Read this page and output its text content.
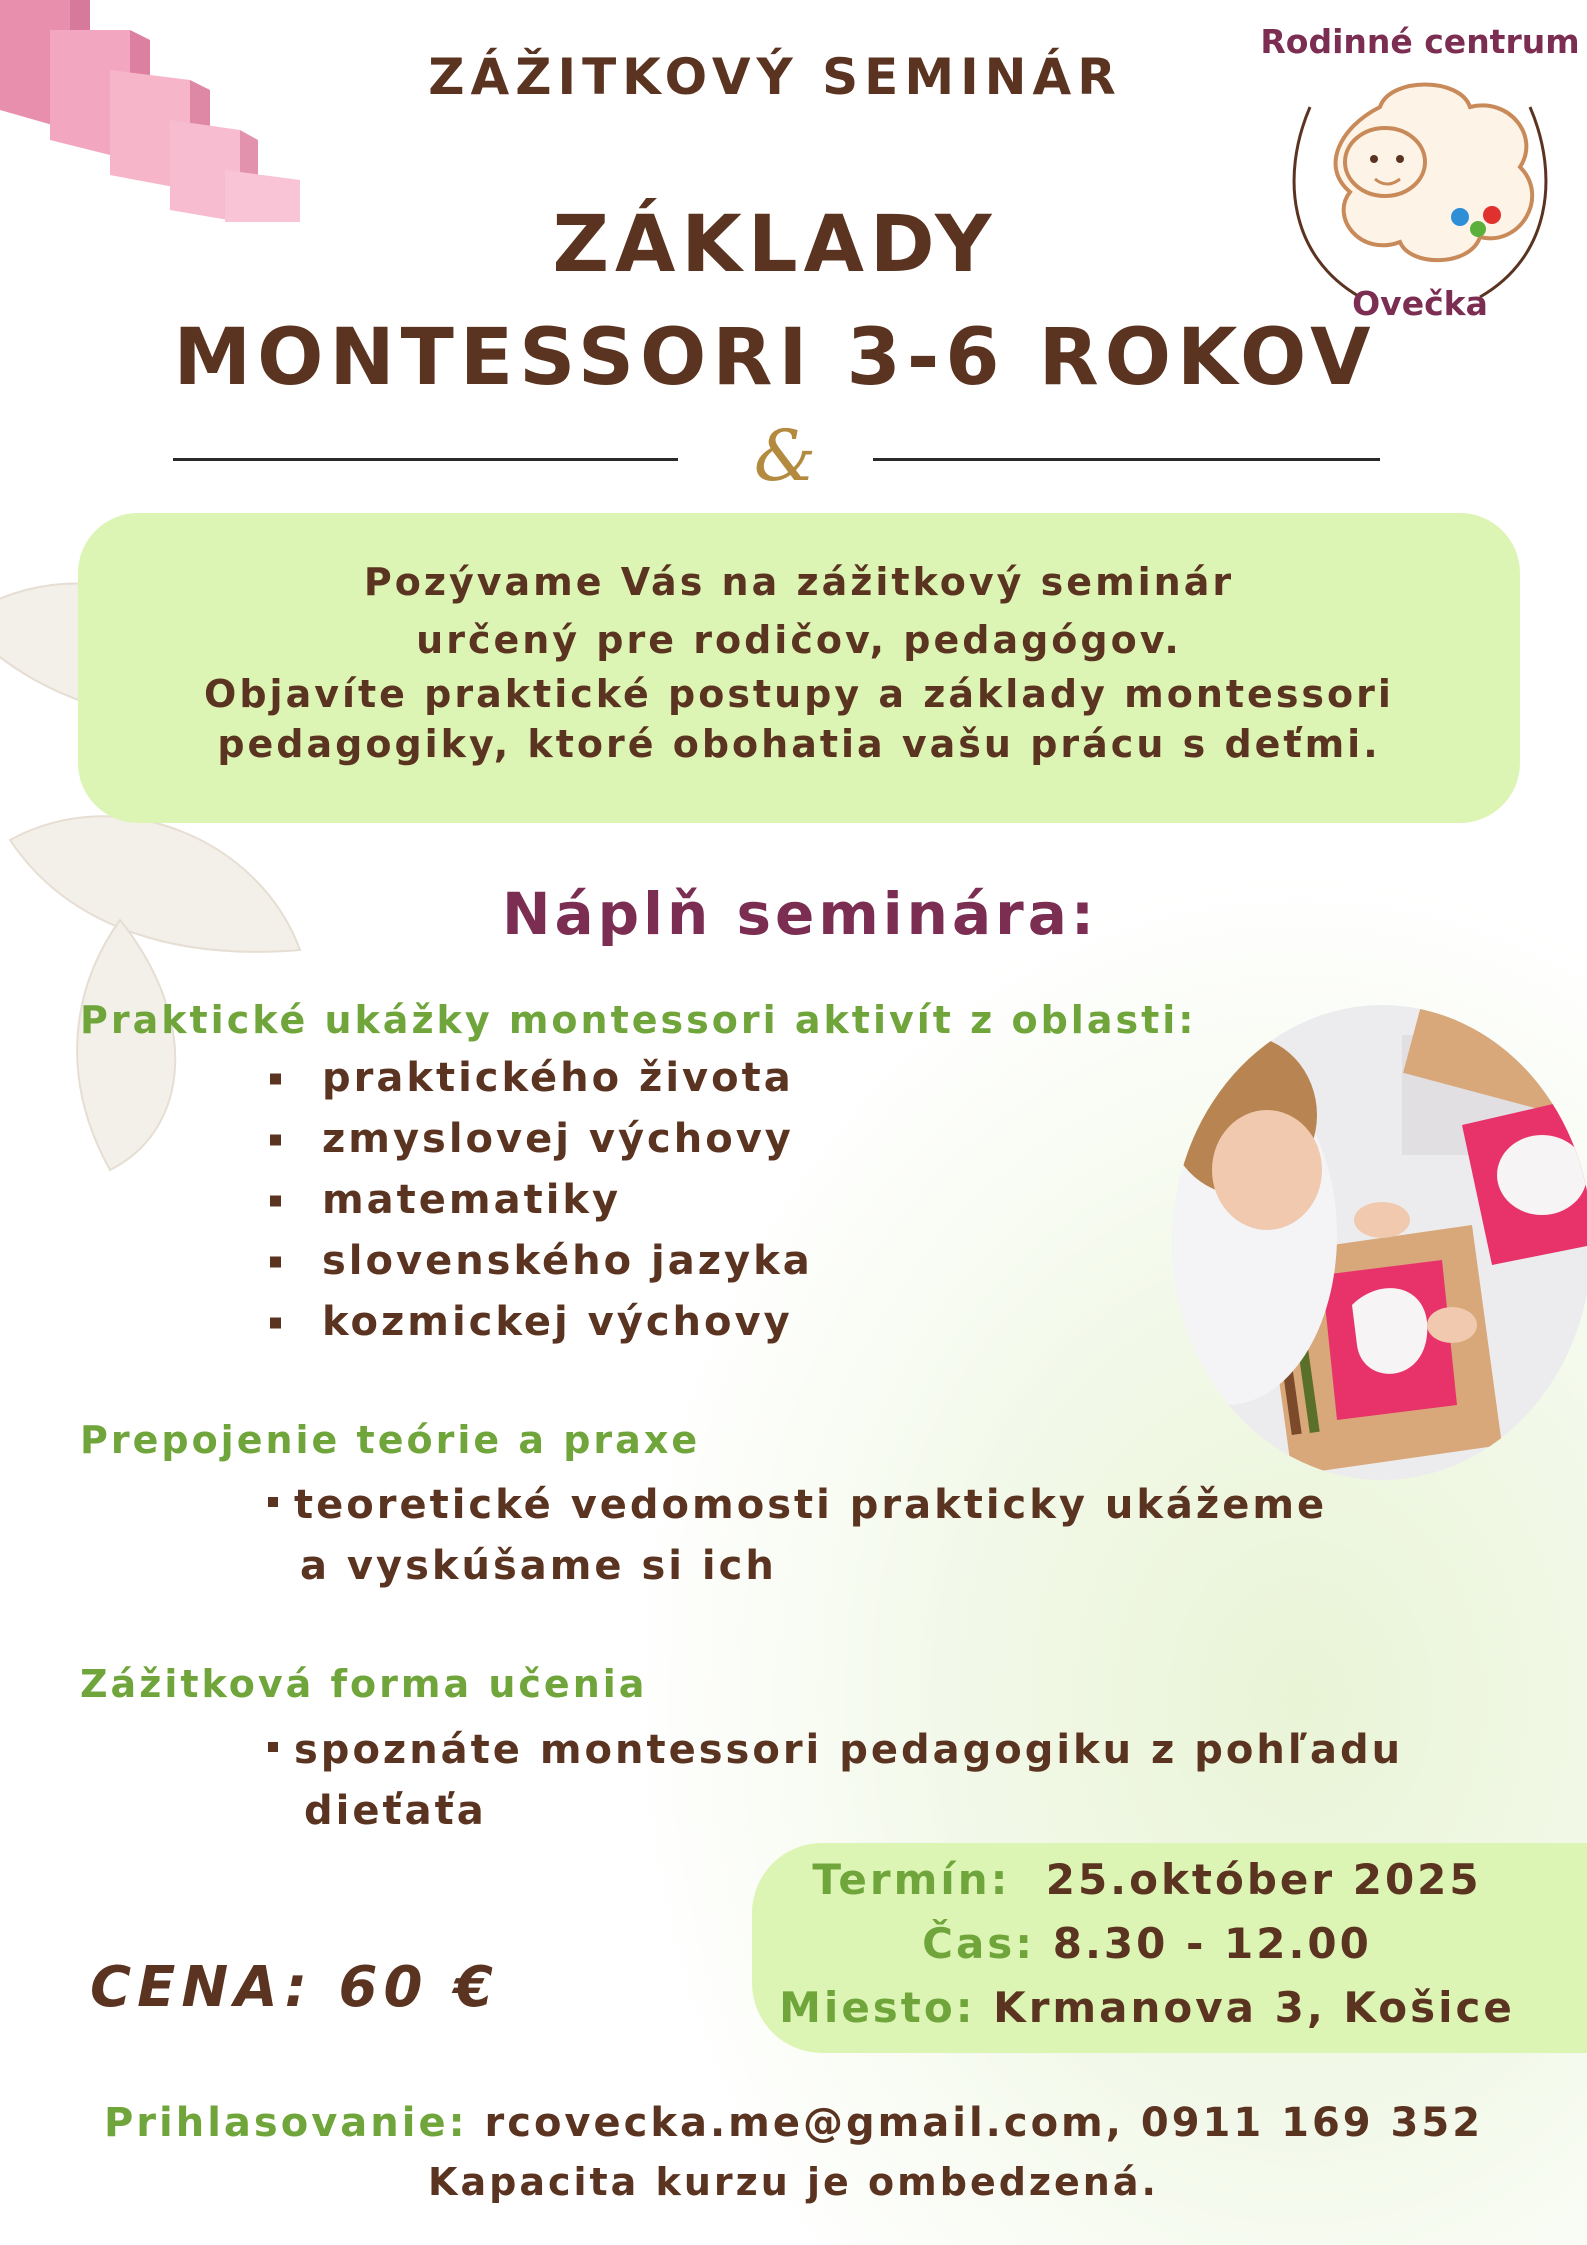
Rodinné centrum
Ovečka
ZÁŽITKOVÝ SEMINÁR
ZÁKLADY
MONTESSORI 3-6 ROKOV
&
Pozývame Vás na zážitkový seminár
určený pre rodičov, pedagógov.
Objavíte praktické postupy a základy montessori
pedagogiky, ktoré obohatia vašu prácu s deťmi.
Náplň seminára:
Praktické ukážky montessori aktivít z oblasti:
praktického života
zmyslovej výchovy
matematiky
slovenského jazyka
kozmickej výchovy
Prepojenie teórie a praxe
teoretické vedomosti prakticky ukážeme
a vyskúšame si ich
Zážitková forma učenia
spoznáte montessori pedagogiku z pohľadu
dieťaťa
Termín: 25.október 2025
Čas: 8.30 - 12.00
Miesto: Krmanova 3, Košice
CENA: 60 €
Prihlasovanie: rcovecka.me@gmail.com, 0911 169 352
Kapacita kurzu je ombedzená.
